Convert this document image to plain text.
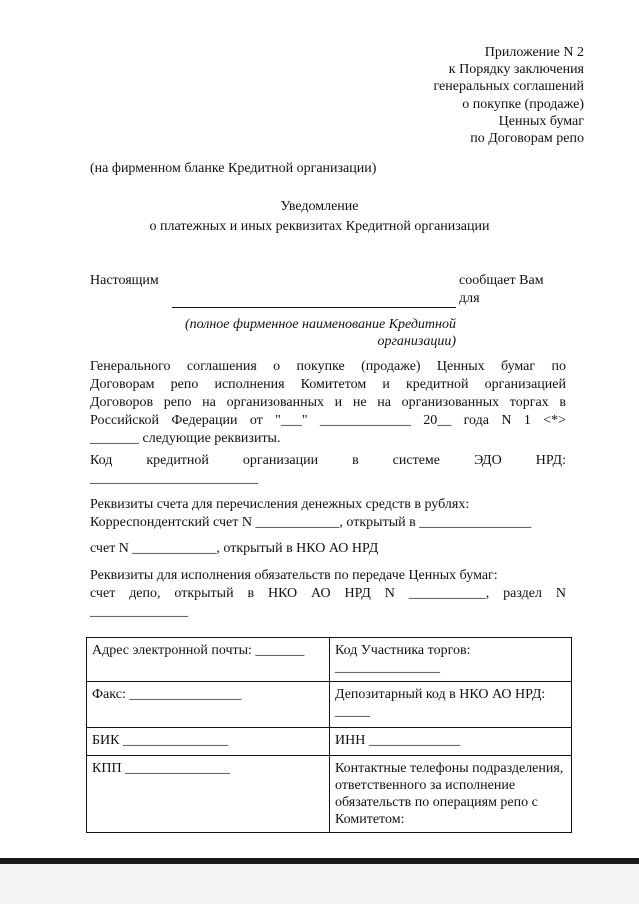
Приложение N 2
к Порядку заключения
генеральных соглашений
о покупке (продаже)
Ценных бумаг
по Договорам репо
(на фирменном бланке Кредитной организации)
Уведомление
о платежных и иных реквизитах Кредитной организации
Настоящим	сообщает Вам
для
(полное фирменное наименование Кредитной
организации)
Генерального соглашения о покупке (продаже) Ценных бумаг по
Договорам репо исполнения Комитетом и кредитной организацией
Договоров репо на организованных и не на организованных торгах в
Российской Федерации от "___" _____________ 20__ года N 1 <*>
_______ следующие реквизиты.
Код кредитной организации в системе ЭДО НРД:
________________________
Реквизиты счета для перечисления денежных средств в рублях:
Корреспондентский счет N ____________, открытый в ________________
счет N ____________, открытый в НКО АО НРД
Реквизиты для исполнения обязательств по передаче Ценных бумаг:
счет депо, открытый в НКО АО НРД N ___________, раздел N
______________
Адрес электронной почты: _______	Код Участника торгов: _______________
Факс: ________________	Депозитарный код в НКО АО НРД: _____
БИК _______________	ИНН _____________
КПП _______________	Контактные телефоны подразделения, ответственного за исполнение обязательств по операциям репо с Комитетом:
